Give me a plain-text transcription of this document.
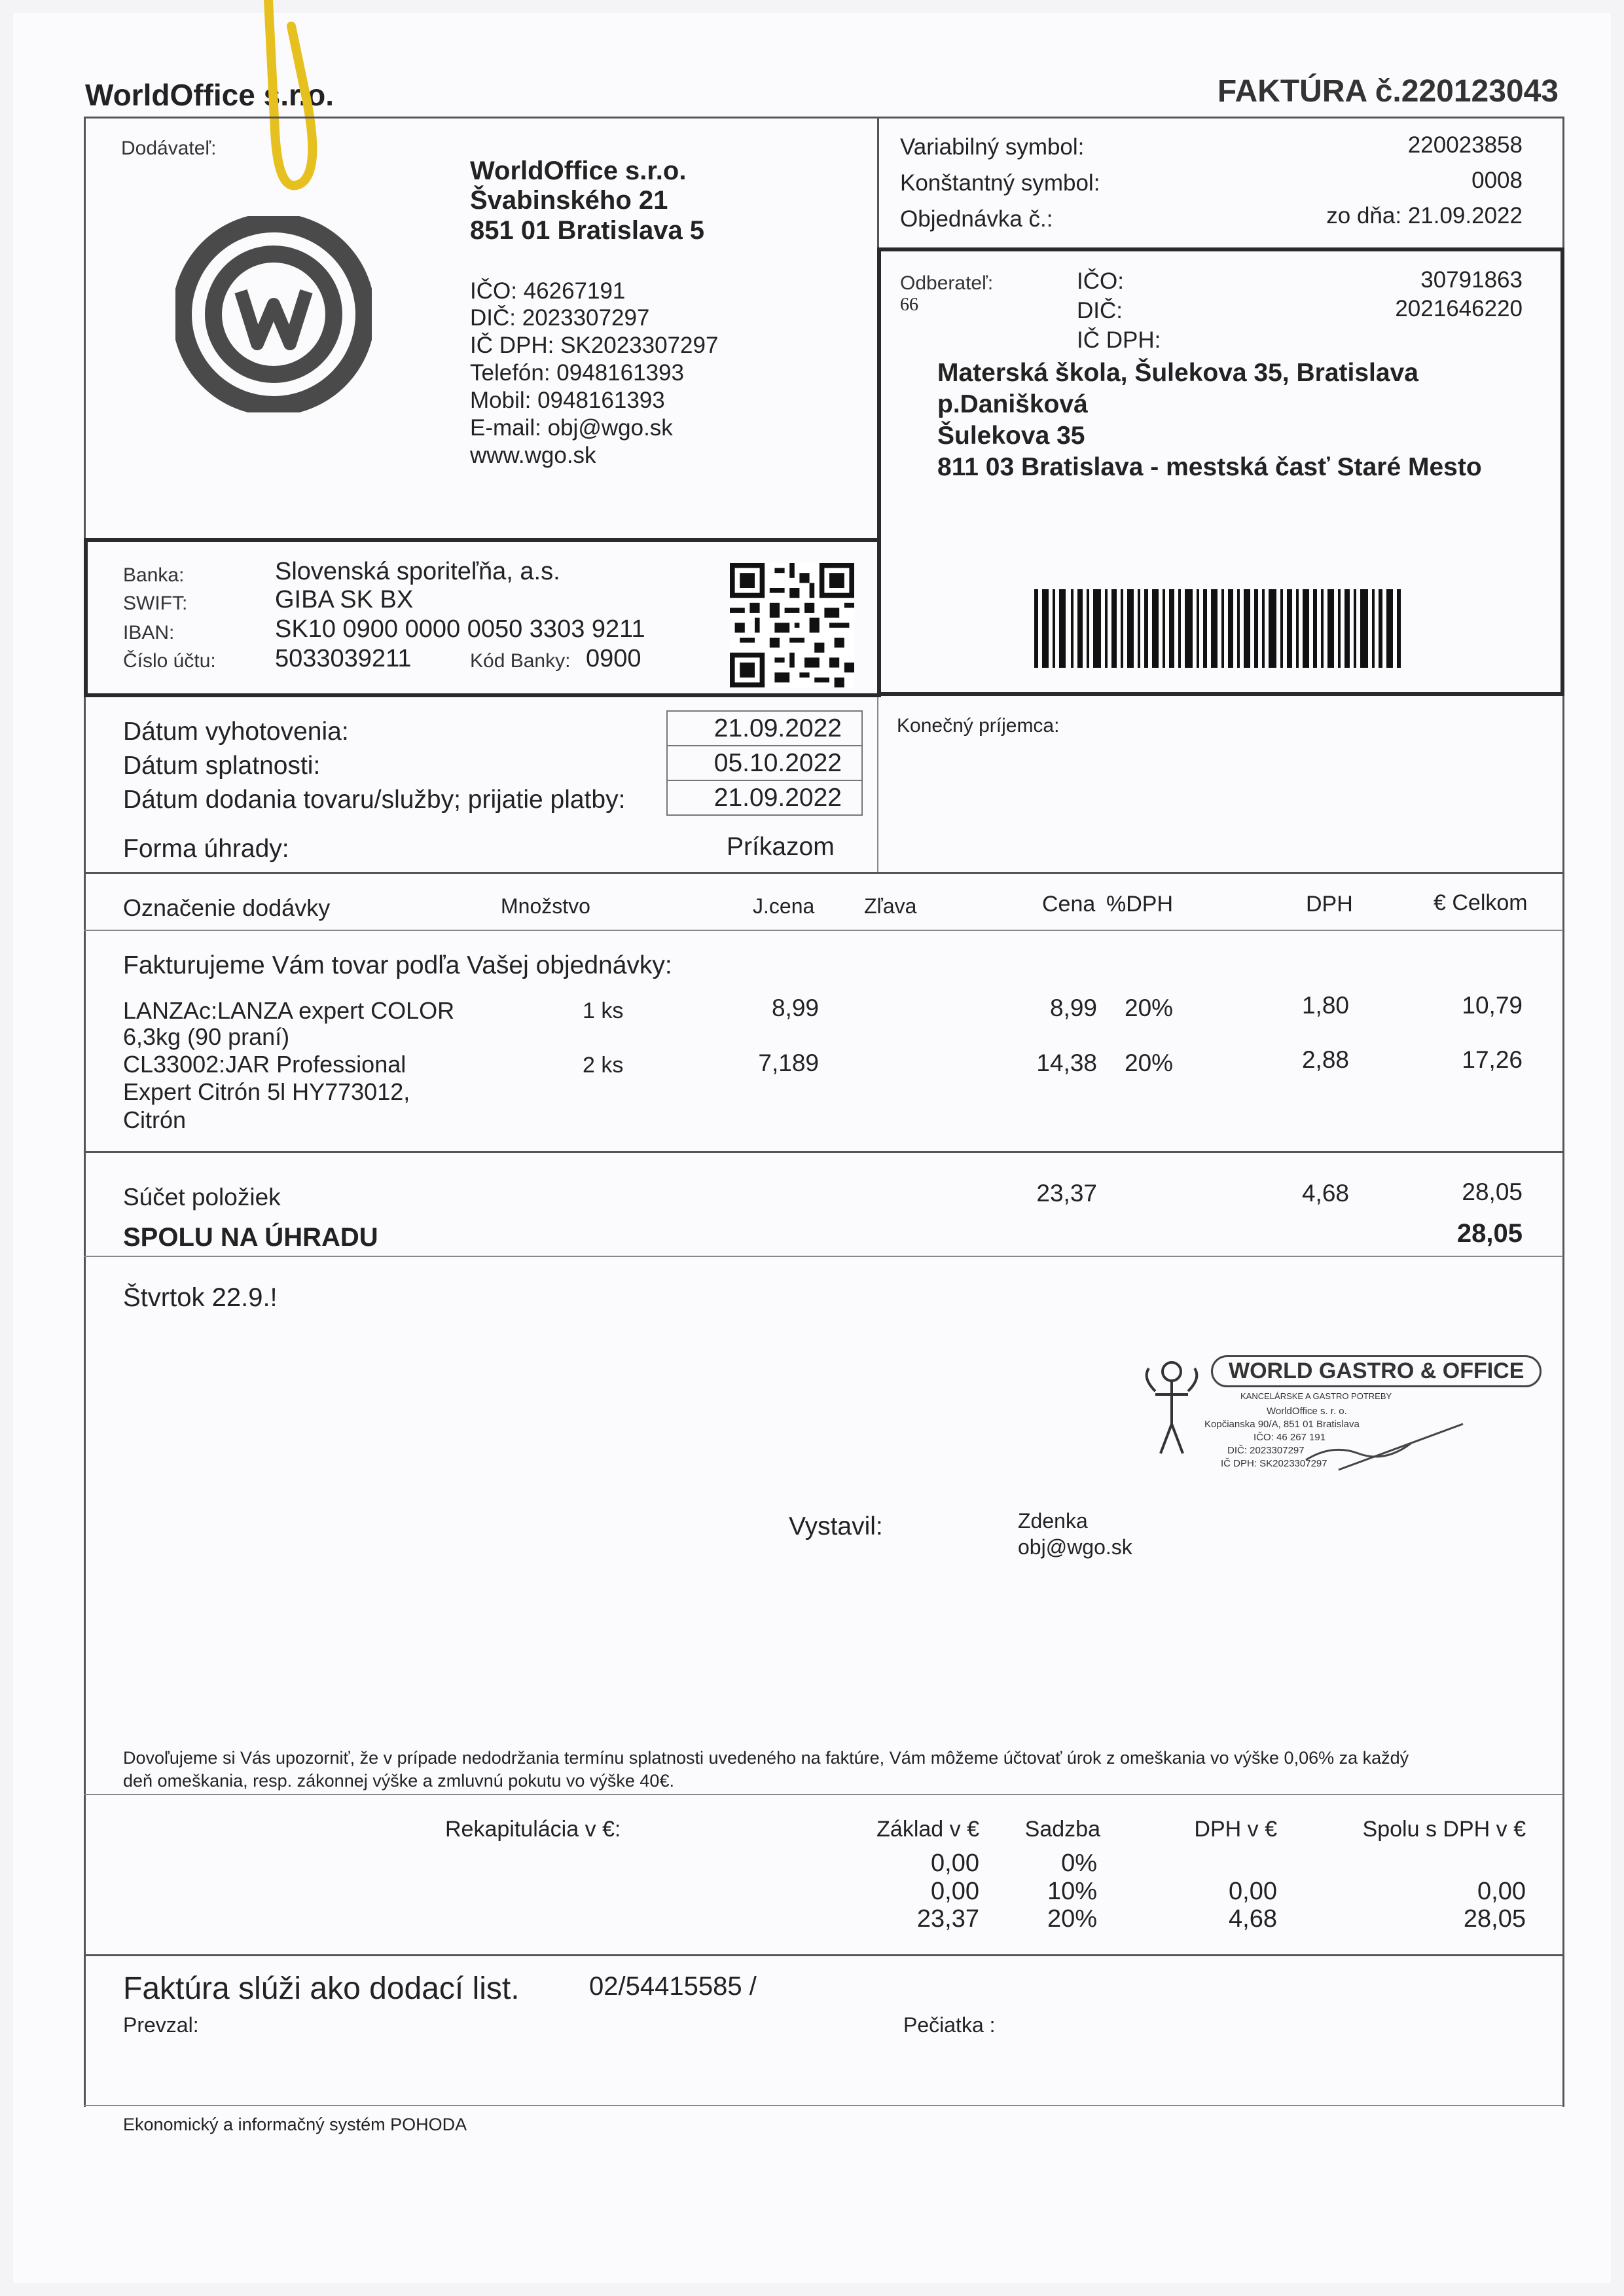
WorldOffice s.r.o.	FAKTÚRA č.220123043
Dodávateľ:
WorldOffice s.r.o.
Švabinského 21
851 01 Bratislava 5
IČO: 46267191
DIČ: 2023307297
IČ DPH: SK2023307297
Telefón: 0948161393
Mobil: 0948161393
E-mail: obj@wgo.sk
www.wgo.sk
Variabilný symbol:	220023858
Konštantný symbol:	0008
Objednávka č.:	zo dňa: 21.09.2022
Odberateľ:
66
IČO:	30791863
DIČ:	2021646220
IČ DPH:
Materská škola, Šulekova 35, Bratislava
p.Danišková
Šulekova 35
811 03 Bratislava - mestská časť Staré Mesto
Banka:	Slovenská sporiteľňa, a.s.
SWIFT:	GIBA SK BX
IBAN:	SK10 0900 0000 0050 3303 9211
Číslo účtu: 5033039211	Kód Banky: 0900
Dátum vyhotovenia:	21.09.2022
Dátum splatnosti:	05.10.2022
Dátum dodania tovaru/služby; prijatie platby:	21.09.2022
Forma úhrady:	Príkazom
Konečný príjemca:
Označenie dodávky	Množstvo	J.cena Zľava	Cena %DPH	DPH	€ Celkom
Fakturujeme Vám tovar podľa Vašej objednávky:
LANZAc:LANZA expert COLOR
6,3kg (90 praní)
1 ks	8,99	8,99 20%	1,80	10,79
CL33002:JAR Professional
Expert Citrón 5l HY773012,
Citrón
2 ks	7,189	14,38 20%	2,88	17,26
Súčet položiek	23,37	4,68	28,05
SPOLU NA ÚHRADU	28,05
Štvrtok 22.9.!
WORLD GASTRO & OFFICE
KANCELÁRSKE A GASTRO POTREBY
WorldOffice s. r. o.
Kopčianska 90/A, 851 01 Bratislava
IČO: 46 267 191
DIČ: 2023307297
IČ DPH: SK2023307297
Vystavil:	Zdenka
obj@wgo.sk
Dovoľujeme si Vás upozorniť, že v prípade nedodržania termínu splatnosti uvedeného na faktúre, Vám môžeme účtovať úrok z omeškania vo výške 0,06% za každý
deň omeškania, resp. zákonnej výške a zmluvnú pokutu vo výške 40€.
Rekapitulácia v €:	Základ v € Sadzba	DPH v €	Spolu s DPH v €
0,00	0%
0,00	10%	0,00	0,00
23,37	20%	4,68	28,05
Faktúra slúži ako dodací list.	02/54415585 /
Prevzal:	Pečiatka :
Ekonomický a informačný systém POHODA
